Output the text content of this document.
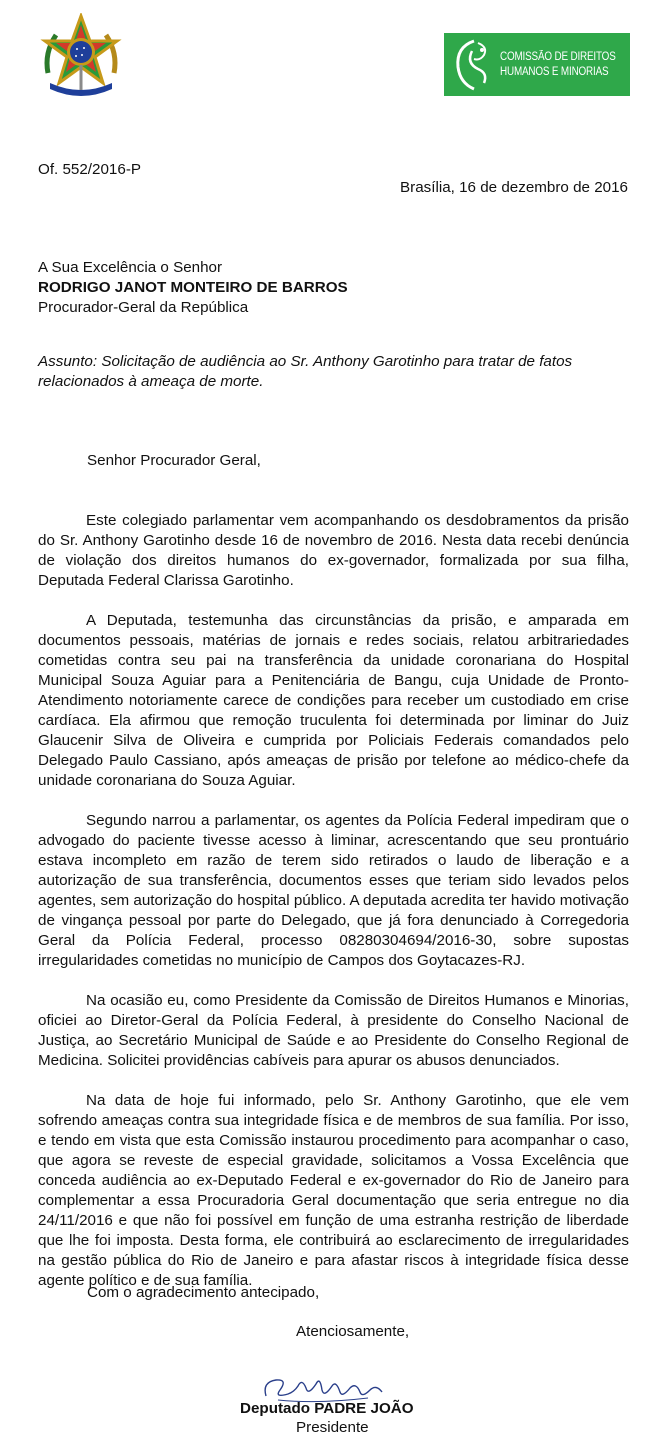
COMISSÃO DE DIREITOS
HUMANOS E MINORIAS
Of. 552/2016-P
Brasília, 16 de dezembro de 2016
A Sua Excelência o Senhor
RODRIGO JANOT MONTEIRO DE BARROS
Procurador-Geral da República
Assunto: Solicitação de audiência ao Sr. Anthony Garotinho para tratar de fatos relacionados à ameaça de morte.
Senhor Procurador Geral,

Este colegiado parlamentar vem acompanhando os desdobramentos da prisão do Sr. Anthony Garotinho desde 16 de novembro de 2016. Nesta data recebi denúncia de violação dos direitos humanos do ex-governador, formalizada por sua filha, Deputada Federal Clarissa Garotinho.

A Deputada, testemunha das circunstâncias da prisão, e amparada em documentos pessoais, matérias de jornais e redes sociais, relatou arbitrariedades cometidas contra seu pai na transferência da unidade coronariana do Hospital Municipal Souza Aguiar para a Penitenciária de Bangu, cuja Unidade de Pronto-Atendimento notoriamente carece de condições para receber um custodiado em crise cardíaca. Ela afirmou que remoção truculenta foi determinada por liminar do Juiz Glaucenir Silva de Oliveira e cumprida por Policiais Federais comandados pelo Delegado Paulo Cassiano, após ameaças de prisão por telefone ao médico-chefe da unidade coronariana do Souza Aguiar.

Segundo narrou a parlamentar, os agentes da Polícia Federal impediram que o advogado do paciente tivesse acesso à liminar, acrescentando que seu prontuário estava incompleto em razão de terem sido retirados o laudo de liberação e a autorização de sua transferência, documentos esses que teriam sido levados pelos agentes, sem autorização do hospital público. A deputada acredita ter havido motivação de vingança pessoal por parte do Delegado, que já fora denunciado à Corregedoria Geral da Polícia Federal, processo 08280304694/2016-30, sobre supostas irregularidades cometidas no município de Campos dos Goytacazes-RJ.

Na ocasião eu, como Presidente da Comissão de Direitos Humanos e Minorias, oficiei ao Diretor-Geral da Polícia Federal, à presidente do Conselho Nacional de Justiça, ao Secretário Municipal de Saúde e ao Presidente do Conselho Regional de Medicina. Solicitei providências cabíveis para apurar os abusos denunciados.

Na data de hoje fui informado, pelo Sr. Anthony Garotinho, que ele vem sofrendo ameaças contra sua integridade física e de membros de sua família. Por isso, e tendo em vista que esta Comissão instaurou procedimento para acompanhar o caso, que agora se reveste de especial gravidade, solicitamos a Vossa Excelência que conceda audiência ao ex-Deputado Federal e ex-governador do Rio de Janeiro para complementar a essa Procuradoria Geral documentação que seria entregue no dia 24/11/2016 e que não foi possível em função de uma estranha restrição de liberdade que lhe foi imposta. Desta forma, ele contribuirá ao esclarecimento de irregularidades na gestão pública do Rio de Janeiro e para afastar riscos à integridade física desse agente político e de sua família.

Com o agradecimento antecipado,
Atenciosamente,
Deputado PADRE JOÃO
Presidente
